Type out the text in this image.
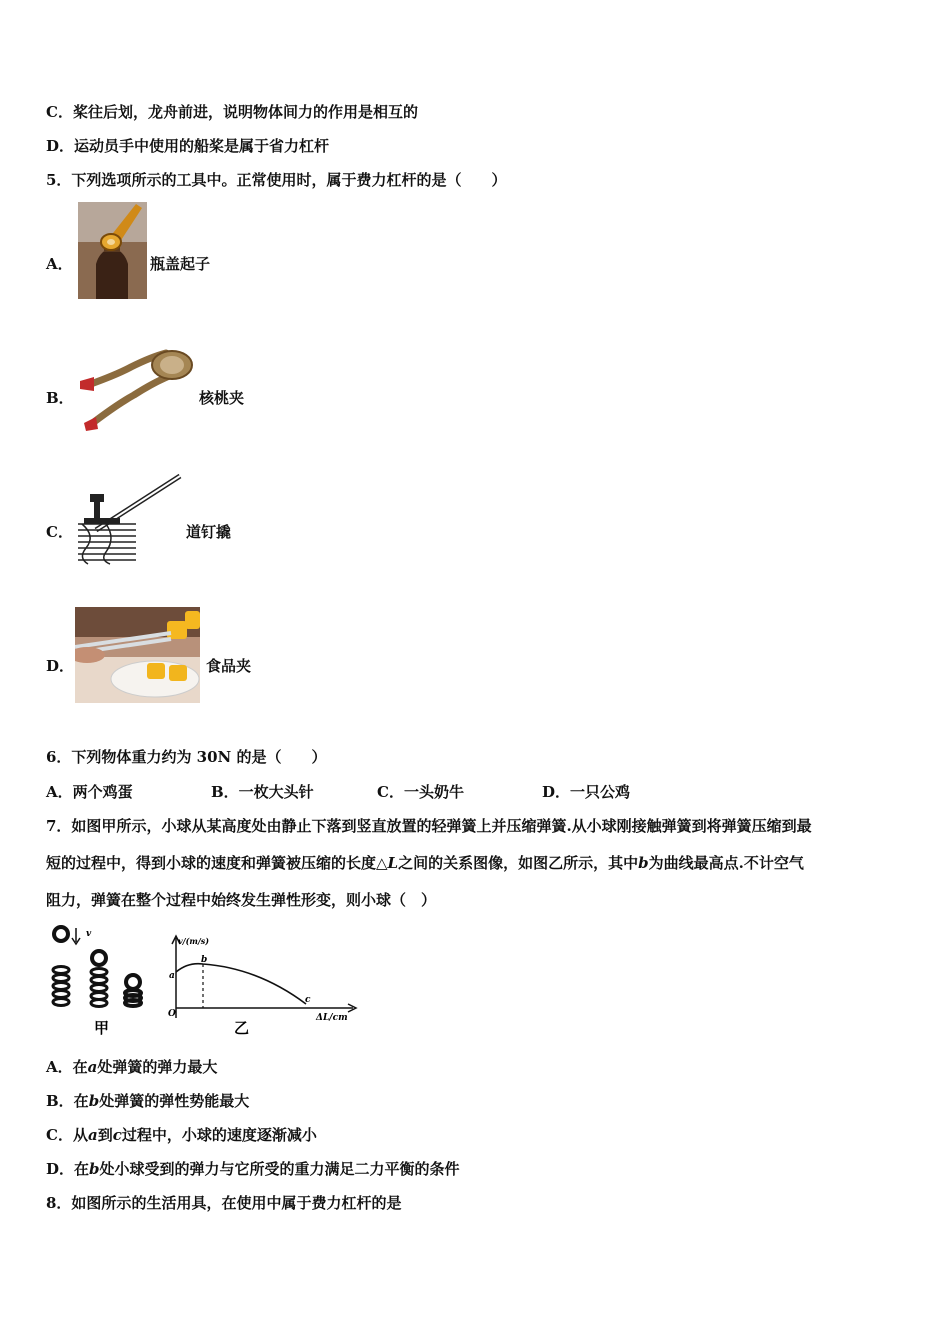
C．桨往后划，龙舟前进，说明物体间力的作用是相互的
D．运动员手中使用的船桨是属于省力杠杆
5．下列选项所示的工具中。正常使用时，属于费力杠杆的是（　　）
A．	瓶盖起子
B．	核桃夹
C．	道钉撬
D．	食品夹
6．下列物体重力约为 30N 的是（　　）
A．两个鸡蛋	B．一枚大头针	C．一头奶牛	D．一只公鸡
7．如图甲所示，小球从某高度处由静止下落到竖直放置的轻弹簧上并压缩弹簧.从小球刚接触弹簧到将弹簧压缩到最
短的过程中，得到小球的速度和弹簧被压缩的长度△L之间的关系图像，如图乙所示，其中b为曲线最高点.不计空气
阻力，弹簧在整个过程中始终发生弹性形变，则小球（　）
v
甲
v/(m/s)
ΔL/cm
O
a
b
c
乙
A．在a处弹簧的弹力最大
B．在b处弹簧的弹性势能最大
C．从a到c过程中，小球的速度逐渐减小
D．在b处小球受到的弹力与它所受的重力满足二力平衡的条件
8．如图所示的生活用具，在使用中属于费力杠杆的是
